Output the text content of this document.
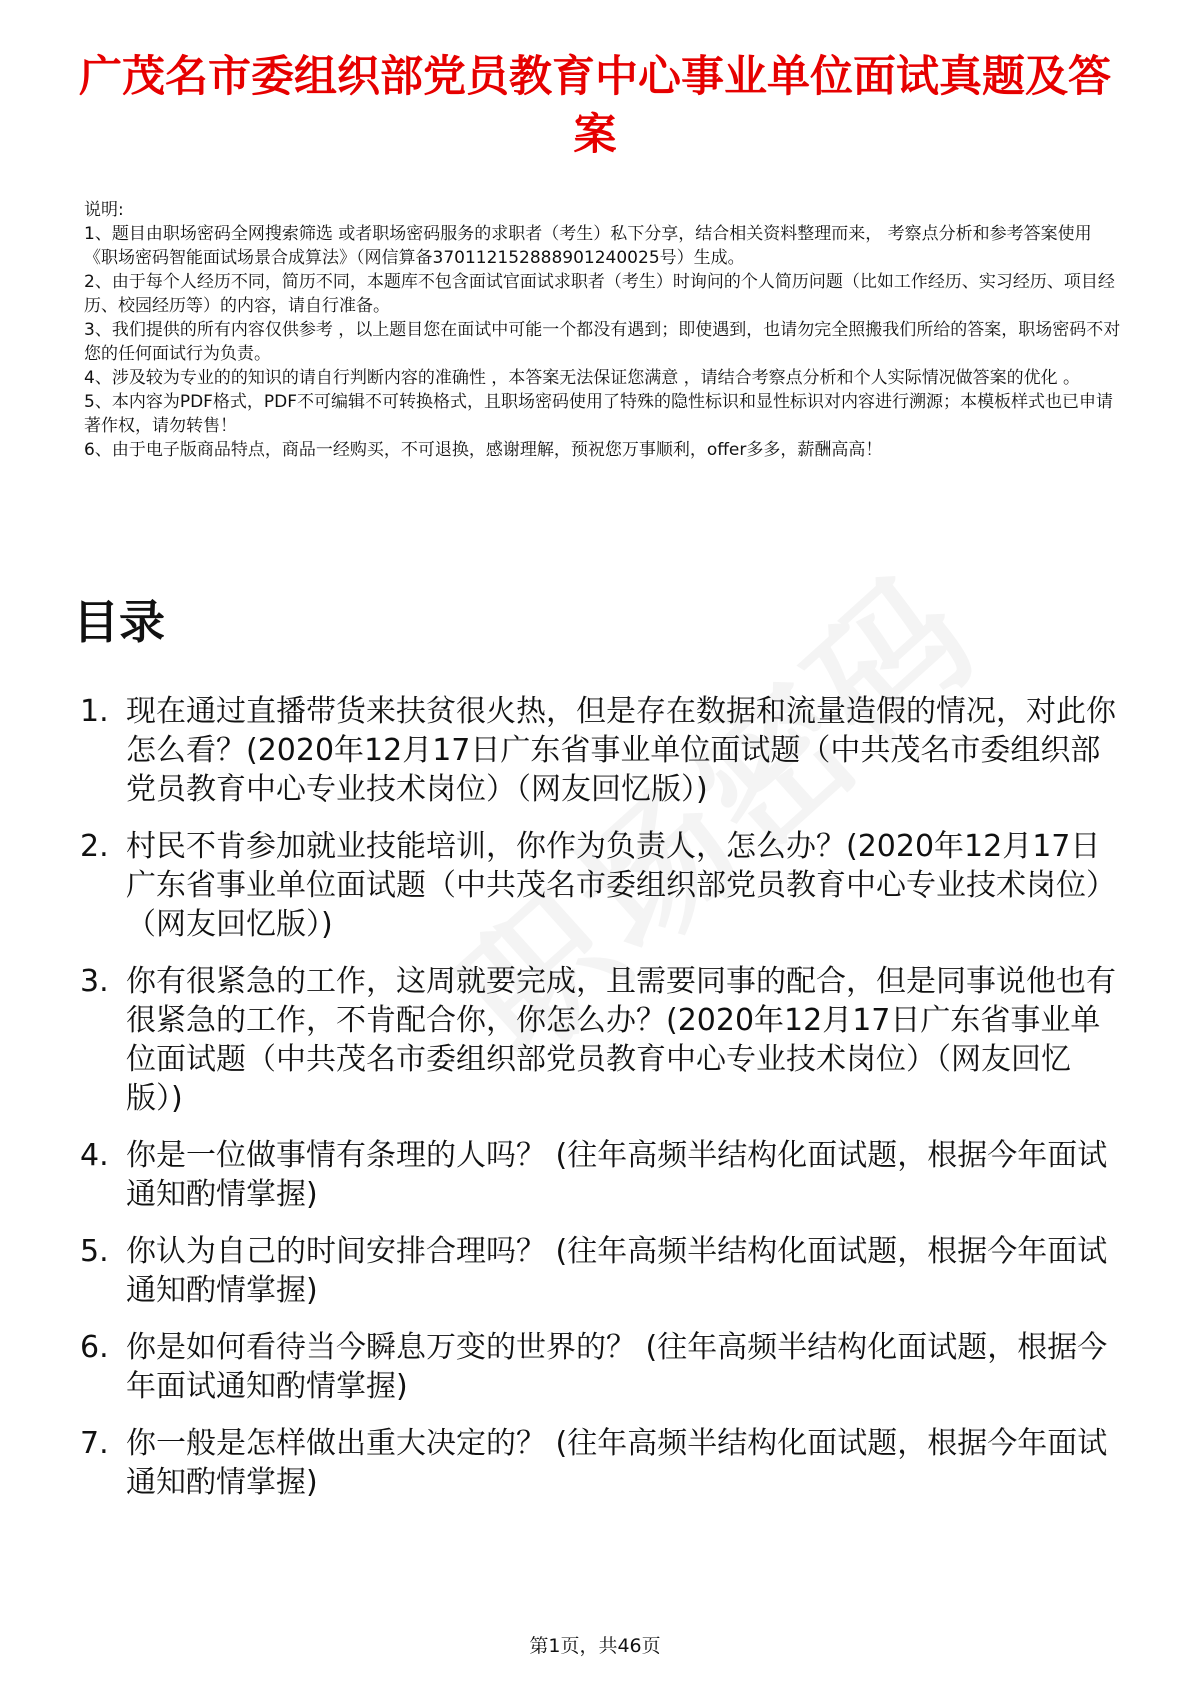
广茂名市委组织部党员教育中心事业单位面试真题及答案

说明:

1、题目由职场密码全网搜索筛选 或者职场密码服务的求职者（考生）私下分享，结合相关资料整理而来， 考察点分析和参考答案使用《职场密码智能面试场景合成算法》（网信算备370112152888901240025号）生成。

2、由于每个人经历不同，简历不同，本题库不包含面试官面试求职者（考生）时询问的个人简历问题（比如工作经历、实习经历、项目经历、校园经历等）的内容，请自行准备。

3、我们提供的所有内容仅供参考 ，以上题目您在面试中可能一个都没有遇到；即使遇到，也请勿完全照搬我们所给的答案，职场密码不对您的任何面试行为负责。

4、涉及较为专业的的知识的请自行判断内容的准确性 ，本答案无法保证您满意 ，请结合考察点分析和个人实际情况做答案的优化 。

5、本内容为PDF格式，PDF不可编辑不可转换格式，且职场密码使用了特殊的隐性标识和显性标识对内容进行溯源；本模板样式也已申请著作权，请勿转售！

6、由于电子版商品特点，商品一经购买，不可退换，感谢理解，预祝您万事顺利，offer多多，薪酬高高！

目录
1. 现在通过直播带货来扶贫很火热，但是存在数据和流量造假的情况，对此你怎么看？(2020年12月17日广东省事业单位面试题（中共茂名市委组织部党员教育中心专业技术岗位）（网友回忆版）)
2. 村民不肯参加就业技能培训，你作为负责人，怎么办？(2020年12月17日广东省事业单位面试题（中共茂名市委组织部党员教育中心专业技术岗位）（网友回忆版）)
3. 你有很紧急的工作，这周就要完成，且需要同事的配合，但是同事说他也有很紧急的工作，不肯配合你，你怎么办？(2020年12月17日广东省事业单位面试题（中共茂名市委组织部党员教育中心专业技术岗位）（网友回忆版）)
4. 你是一位做事情有条理的人吗？ (往年高频半结构化面试题，根据今年面试通知酌情掌握)
5. 你认为自己的时间安排合理吗？ (往年高频半结构化面试题，根据今年面试通知酌情掌握)
6. 你是如何看待当今瞬息万变的世界的？ (往年高频半结构化面试题，根据今年面试通知酌情掌握)
7. 你一般是怎样做出重大决定的？ (往年高频半结构化面试题，根据今年面试通知酌情掌握)
第1页，共46页
